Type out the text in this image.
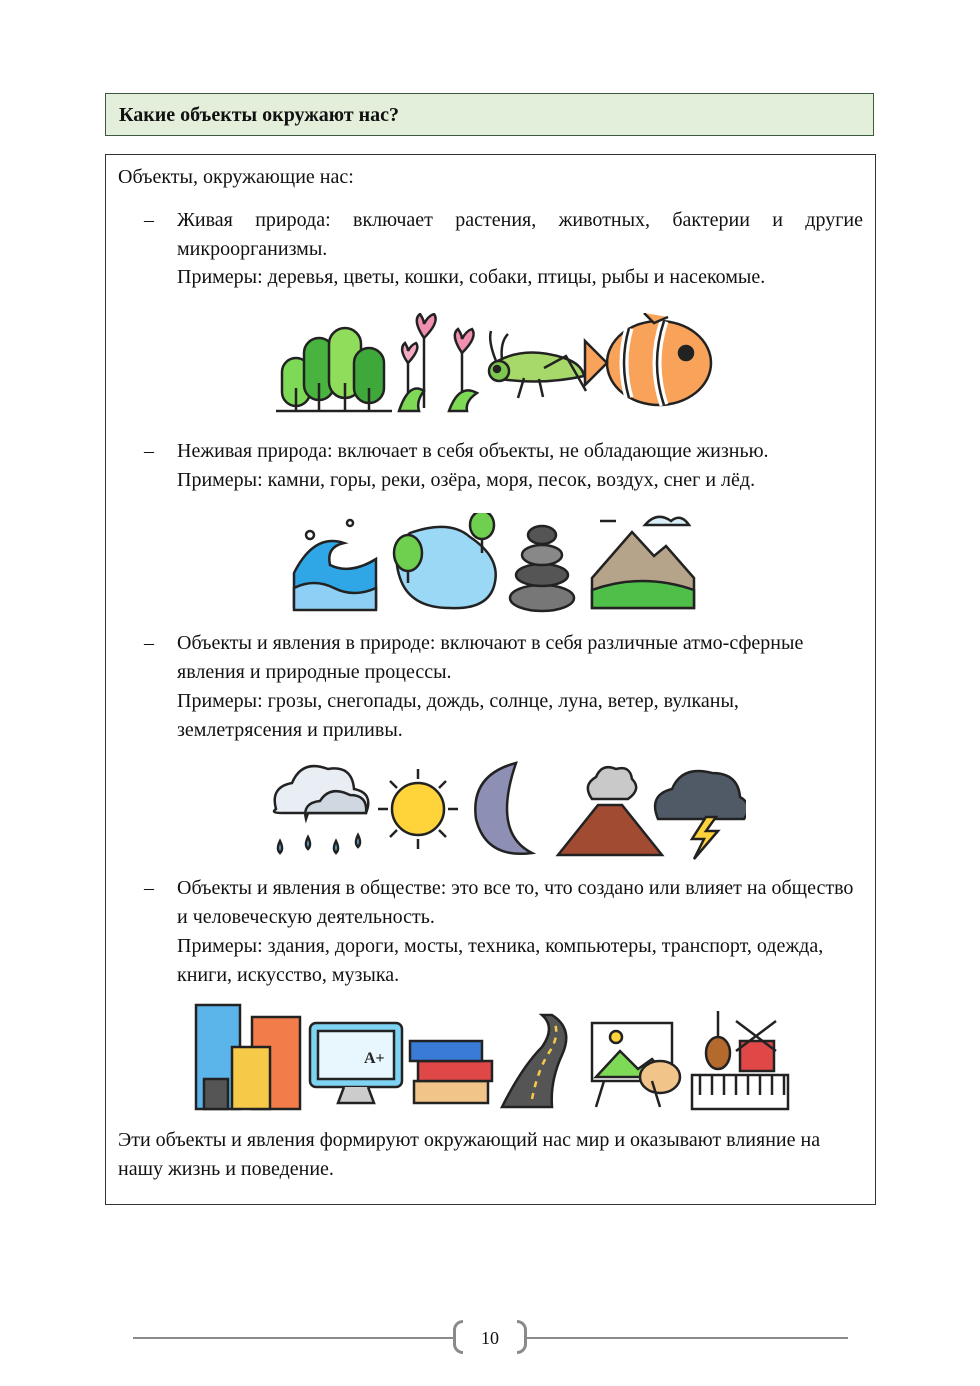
Какие объекты окружают нас?

Объекты, окружающие нас:

– Живая природа: включает растения, животных, бактерии и другие микроорганизмы.

Примеры: деревья, цветы, кошки, собаки, птицы, рыбы и насекомые.

– Неживая природа: включает в себя объекты, не обладающие жизнью.

Примеры: камни, горы, реки, озёра, моря, песок, воздух, снег и лёд.

– Объекты и явления в природе: включают в себя различные атмо-сферные явления и природные процессы.

Примеры: грозы, снегопады, дождь, солнце, луна, ветер, вулканы, землетрясения и приливы.

– Объекты и явления в обществе: это все то, что создано или влияет на общество и человеческую деятельность.

Примеры: здания, дороги, мосты, техника, компьютеры, транспорт, одежда, книги, искусство, музыка.

A+

Эти объекты и явления формируют окружающий нас мир и оказывают влияние на нашу жизнь и поведение.

10
